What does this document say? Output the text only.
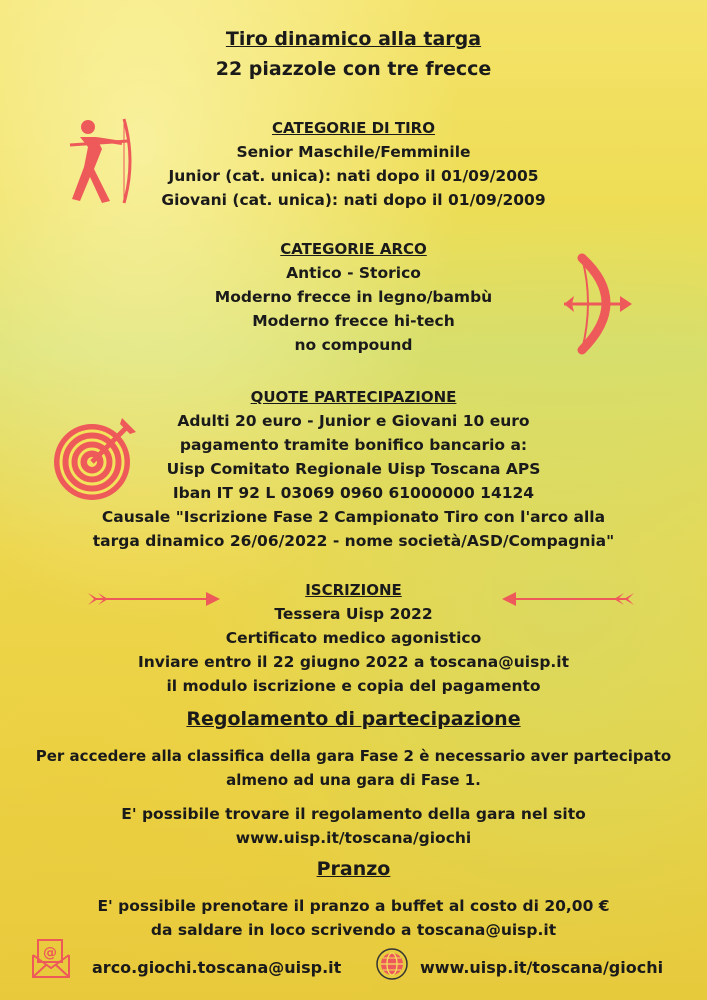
Tiro dinamico alla targa
22 piazzole con tre frecce
CATEGORIE DI TIRO
Senior Maschile/Femminile
Junior (cat. unica): nati dopo il 01/09/2005
Giovani (cat. unica): nati dopo il 01/09/2009
CATEGORIE ARCO
Antico - Storico
Moderno frecce in legno/bambù
Moderno frecce hi-tech
no compound
QUOTE PARTECIPAZIONE
Adulti 20 euro - Junior e Giovani 10 euro
pagamento tramite bonifico bancario a:
Uisp Comitato Regionale Uisp Toscana APS
Iban IT 92 L 03069 0960 61000000 14124
Causale "Iscrizione Fase 2 Campionato Tiro con l'arco alla
targa dinamico 26/06/2022 - nome società/ASD/Compagnia"
ISCRIZIONE
Tessera Uisp 2022
Certificato medico agonistico
Inviare entro il 22 giugno 2022 a toscana@uisp.it
il modulo iscrizione e copia del pagamento
Regolamento di partecipazione
Per accedere alla classifica della gara Fase 2 è necessario aver partecipato
almeno ad una gara di Fase 1.
E' possibile trovare il regolamento della gara nel sito
www.uisp.it/toscana/giochi
Pranzo
E' possibile prenotare il pranzo a buffet al costo di 20,00 €
da saldare in loco scrivendo a toscana@uisp.it
@
arco.giochi.toscana@uisp.it	www.uisp.it/toscana/giochi
